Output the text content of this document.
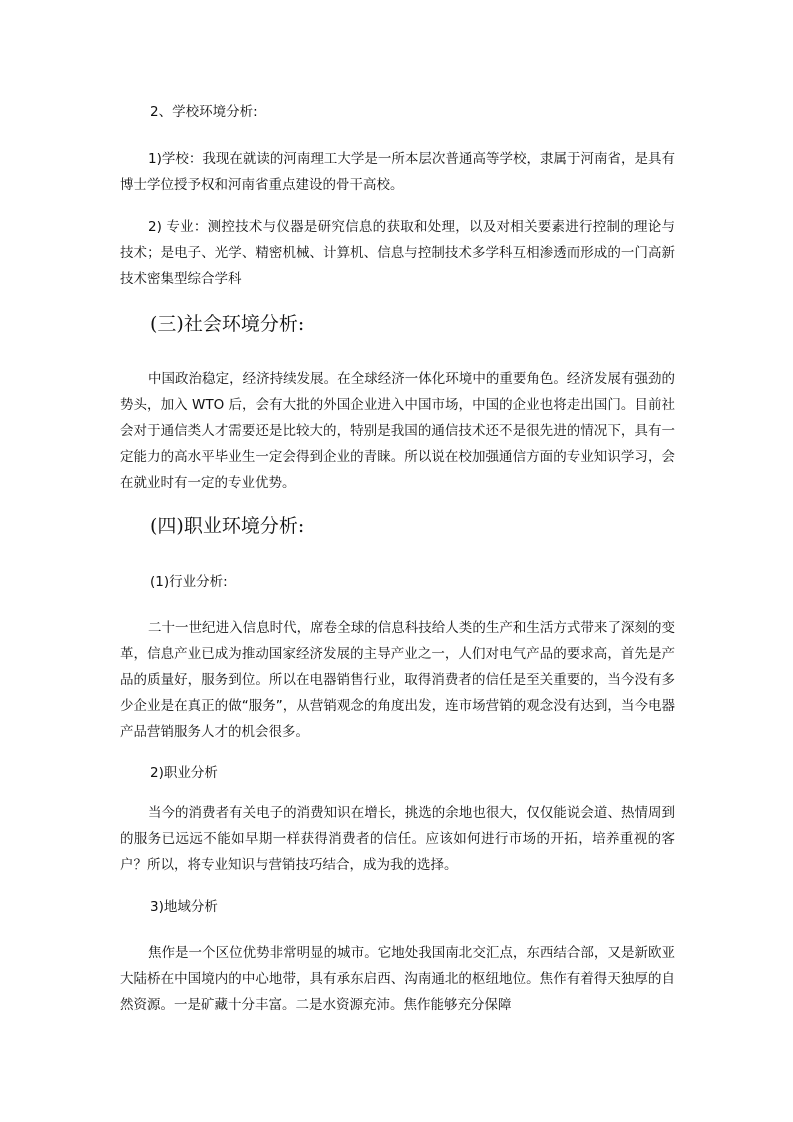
2、学校环境分析:

1)学校：我现在就读的河南理工大学是一所本层次普通高等学校，隶属于河南省，是具有博士学位授予权和河南省重点建设的骨干高校。

2) 专业：测控技术与仪器是研究信息的获取和处理，以及对相关要素进行控制的理论与技术；是电子、光学、精密机械、计算机、信息与控制技术多学科互相渗透而形成的一门高新技术密集型综合学科

(三)社会环境分析:

中国政治稳定，经济持续发展。在全球经济一体化环境中的重要角色。经济发展有强劲的势头，加入 WTO 后，会有大批的外国企业进入中国市场，中国的企业也将走出国门。目前社会对于通信类人才需要还是比较大的，特别是我国的通信技术还不是很先进的情况下，具有一定能力的高水平毕业生一定会得到企业的青睐。所以说在校加强通信方面的专业知识学习，会在就业时有一定的专业优势。

(四)职业环境分析:

(1)行业分析:

二十一世纪进入信息时代，席卷全球的信息科技给人类的生产和生活方式带来了深刻的变革，信息产业已成为推动国家经济发展的主导产业之一，人们对电气产品的要求高，首先是产品的质量好，服务到位。所以在电器销售行业，取得消费者的信任是至关重要的，当今没有多少企业是在真正的做“服务”，从营销观念的角度出发，连市场营销的观念没有达到，当今电器产品营销服务人才的机会很多。

2)职业分析

当今的消费者有关电子的消费知识在增长，挑选的余地也很大，仅仅能说会道、热情周到的服务已远远不能如早期一样获得消费者的信任。应该如何进行市场的开拓，培养重视的客户？所以，将专业知识与营销技巧结合，成为我的选择。

3)地域分析

焦作是一个区位优势非常明显的城市。它地处我国南北交汇点，东西结合部，又是新欧亚大陆桥在中国境内的中心地带，具有承东启西、沟南通北的枢纽地位。焦作有着得天独厚的自然资源。一是矿藏十分丰富。二是水资源充沛。焦作能够充分保障
